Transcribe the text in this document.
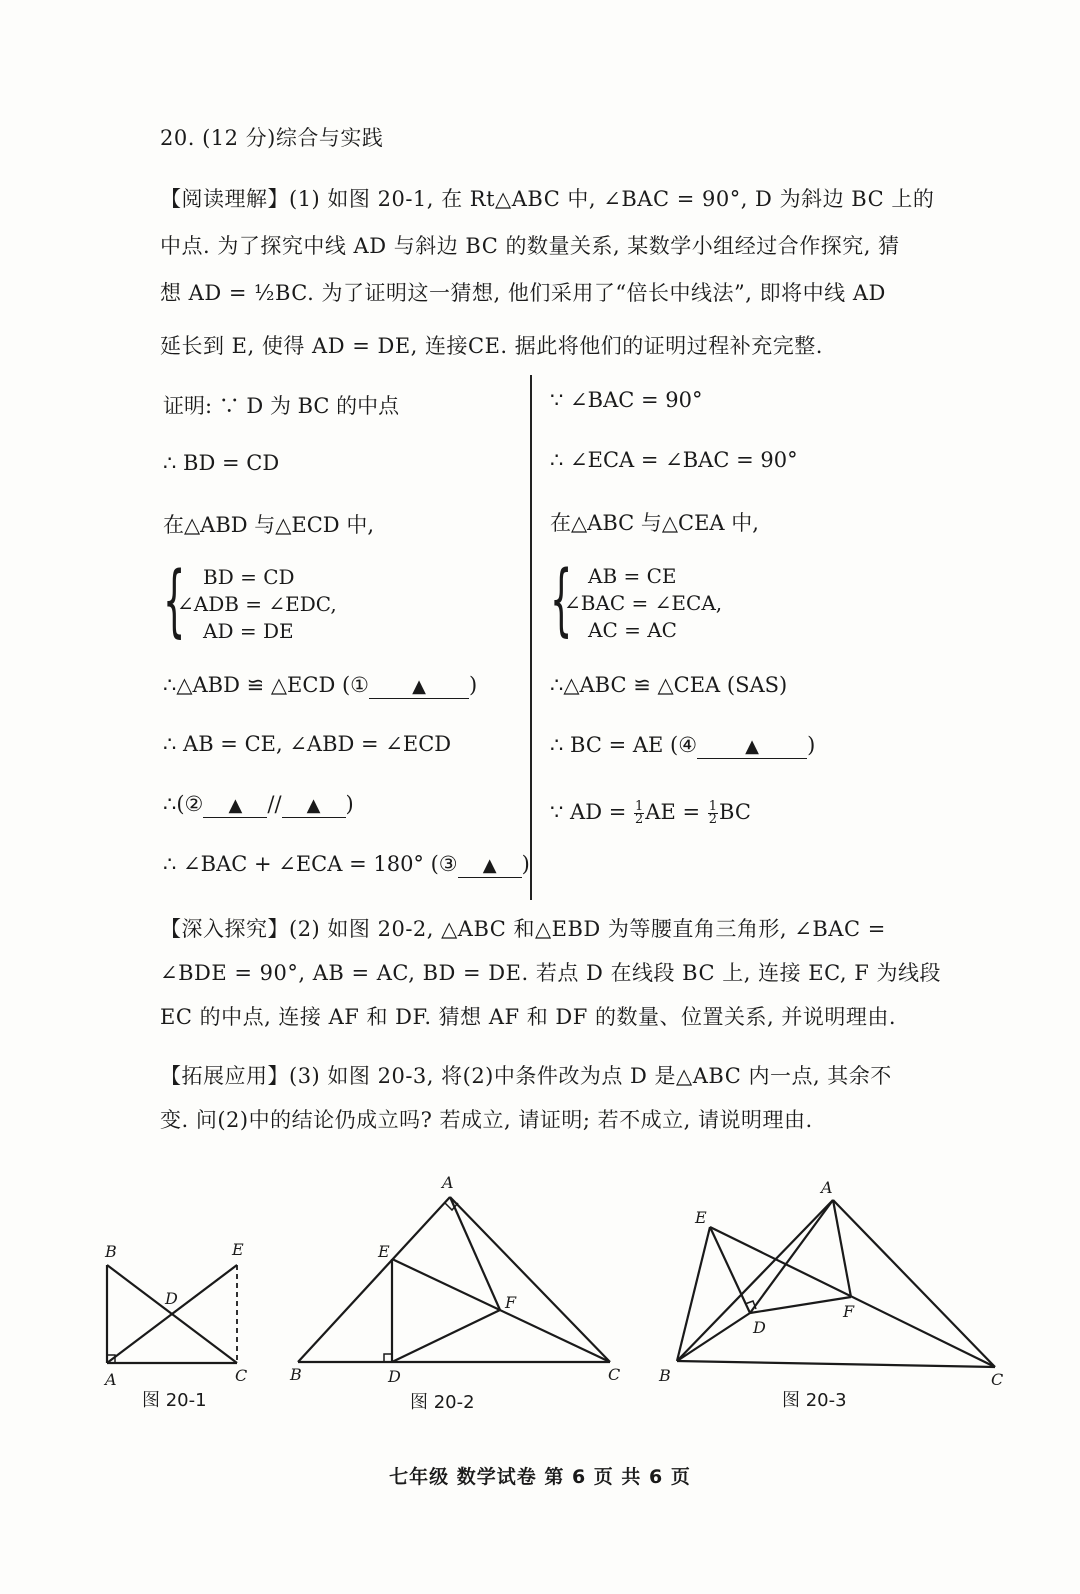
20. (12 分)综合与实践
【阅读理解】(1) 如图 20-1, 在 Rt△ABC 中, ∠BAC = 90°, D 为斜边 BC 上的
中点. 为了探究中线 AD 与斜边 BC 的数量关系, 某数学小组经过合作探究, 猜
想 AD = ½BC. 为了证明这一猜想, 他们采用了“倍长中线法”, 即将中线 AD
延长到 E, 使得 AD = DE, 连接CE. 据此将他们的证明过程补充完整.
证明: ∵ D 为 BC 的中点
∴ BD = CD
在△ABD 与△ECD 中,
{ BD = CD
∠ADB = ∠EDC,
AD = DE
∴△ABD ≌ △ECD (① ▲ )
∴ AB = CE, ∠ABD = ∠ECD
∴(② ▲ // ▲ )
∴ ∠BAC + ∠ECA = 180° (③ ▲ )
∵ ∠BAC = 90°
∴ ∠ECA = ∠BAC = 90°
在△ABC 与△CEA 中,
{ AB = CE
∠BAC = ∠ECA,
AC = AC
∴△ABC ≌ △CEA (SAS)
∴ BC = AE (④	▲ )
∵ AD = $\frac{1}{2}$ AE = $\frac{1}{2}$ BC
【深入探究】(2) 如图 20-2, △ABC 和△EBD 为等腰直角三角形, ∠BAC =
∠BDE = 90°, AB = AC, BD = DE. 若点 D 在线段 BC 上, 连接 EC, F 为线段
EC 的中点, 连接 AF 和 DF. 猜想 AF 和 DF 的数量、位置关系, 并说明理由.
【拓展应用】(3) 如图 20-3, 将(2)中条件改为点 D 是△ABC 内一点, 其余不
变. 问(2)中的结论仍成立吗? 若成立, 请证明; 若不成立, 请说明理由.
B	E
D
A	C
图 20-1
A
E
F
B	D	C
图 20-2
A
E
F
D
B	C
图 20-3
七年级 数学试卷 第 6 页 共 6 页
